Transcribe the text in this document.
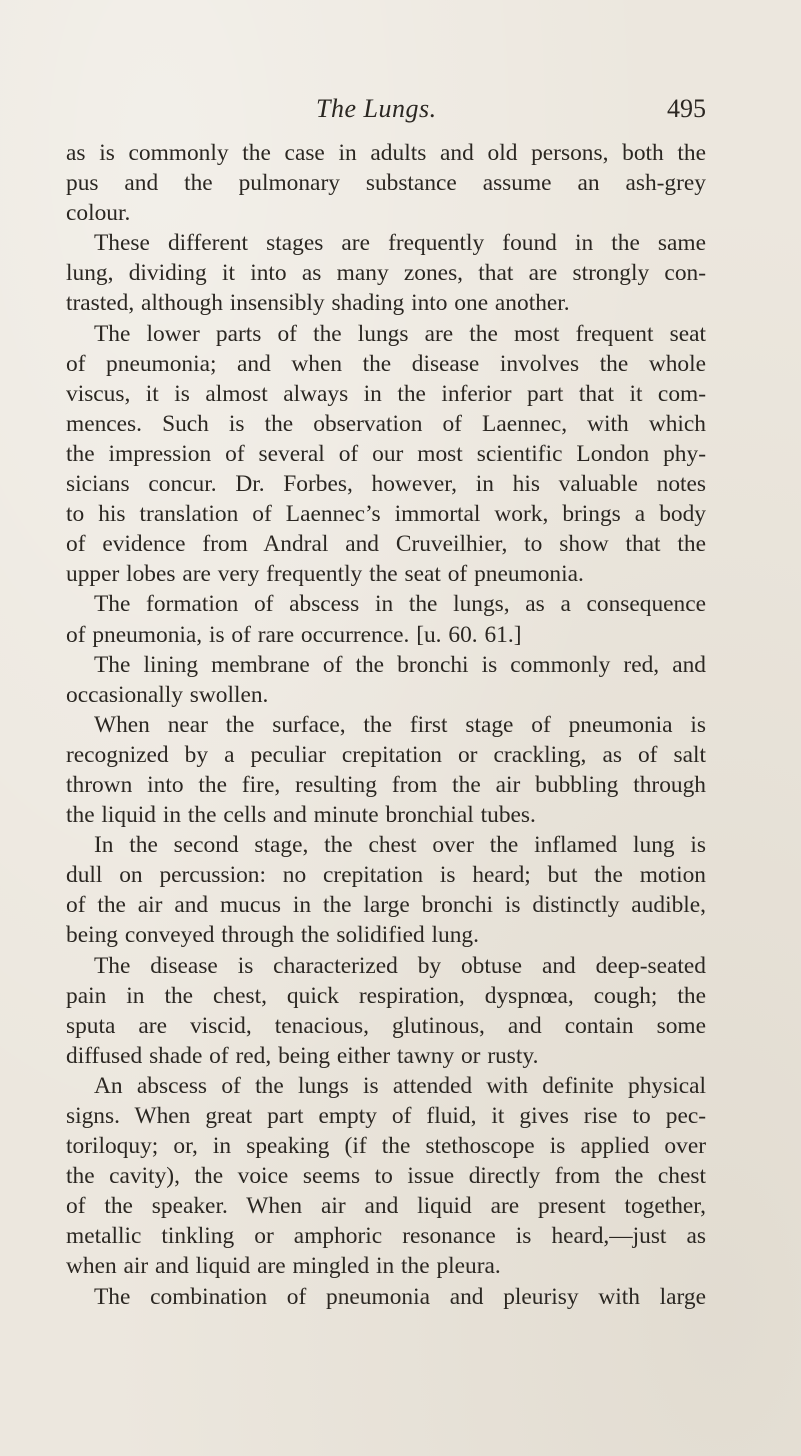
The Lungs.	495
as is commonly the case in adults and old persons, both the
pus and the pulmonary substance assume an ash-grey
colour.
These different stages are frequently found in the same
lung, dividing it into as many zones, that are strongly con-
trasted, although insensibly shading into one another.
The lower parts of the lungs are the most frequent seat
of pneumonia; and when the disease involves the whole
viscus, it is almost always in the inferior part that it com-
mences. Such is the observation of Laennec, with which
the impression of several of our most scientific London phy-
sicians concur. Dr. Forbes, however, in his valuable notes
to his translation of Laennec’s immortal work, brings a body
of evidence from Andral and Cruveilhier, to show that the
upper lobes are very frequently the seat of pneumonia.
The formation of abscess in the lungs, as a consequence
of pneumonia, is of rare occurrence. [u. 60. 61.]
The lining membrane of the bronchi is commonly red, and
occasionally swollen.
When near the surface, the first stage of pneumonia is
recognized by a peculiar crepitation or crackling, as of salt
thrown into the fire, resulting from the air bubbling through
the liquid in the cells and minute bronchial tubes.
In the second stage, the chest over the inflamed lung is
dull on percussion: no crepitation is heard; but the motion
of the air and mucus in the large bronchi is distinctly audible,
being conveyed through the solidified lung.
The disease is characterized by obtuse and deep-seated
pain in the chest, quick respiration, dyspnœa, cough; the
sputa are viscid, tenacious, glutinous, and contain some
diffused shade of red, being either tawny or rusty.
An abscess of the lungs is attended with definite physical
signs. When great part empty of fluid, it gives rise to pec-
toriloquy; or, in speaking (if the stethoscope is applied over
the cavity), the voice seems to issue directly from the chest
of the speaker. When air and liquid are present together,
metallic tinkling or amphoric resonance is heard,—just as
when air and liquid are mingled in the pleura.
The combination of pneumonia and pleurisy with large
